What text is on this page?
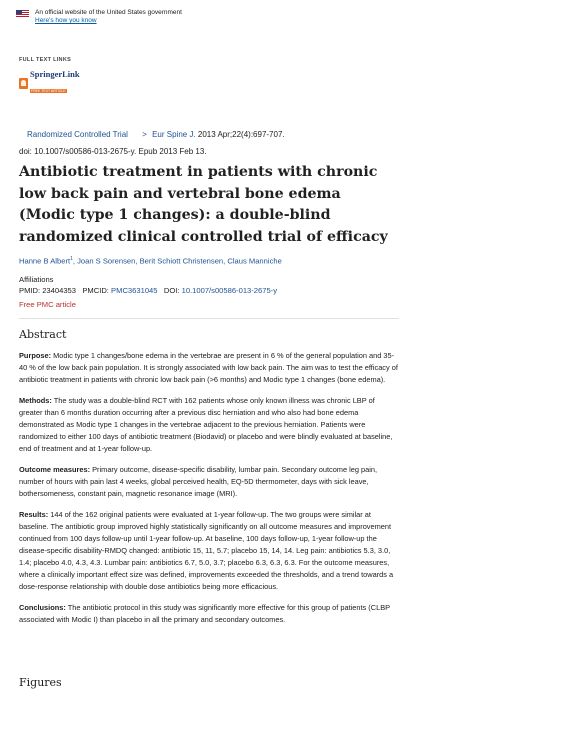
An official website of the United States government
Here's how you know
FULL TEXT LINKS
SpringerLink
FREE TEXT ARTICLE
Randomized Controlled Trial > Eur Spine J. 2013 Apr;22(4):697-707.
doi: 10.1007/s00586-013-2675-y. Epub 2013 Feb 13.
Antibiotic treatment in patients with chronic low back pain and vertebral bone edema (Modic type 1 changes): a double-blind randomized clinical controlled trial of efficacy
Hanne B Albert$^1$, Joan S Sorensen, Berit Schiott Christensen, Claus Manniche
Affiliations
PMID: 23404353 PMCID: PMC3631045 DOI: 10.1007/s00586-013-2675-y
Free PMC article
Abstract

Purpose: Modic type 1 changes/bone edema in the vertebrae are present in 6 % of the general population and 35-40 % of the low back pain population. It is strongly associated with low back pain. The aim was to test the efficacy of antibiotic treatment in patients with chronic low back pain (>6 months) and Modic type 1 changes (bone edema).

Methods: The study was a double-blind RCT with 162 patients whose only known illness was chronic LBP of greater than 6 months duration occurring after a previous disc herniation and who also had bone edema demonstrated as Modic type 1 changes in the vertebrae adjacent to the previous herniation. Patients were randomized to either 100 days of antibiotic treatment (Biodavid) or placebo and were blindly evaluated at baseline, end of treatment and at 1-year follow-up.

Outcome measures: Primary outcome, disease-specific disability, lumbar pain. Secondary outcome leg pain, number of hours with pain last 4 weeks, global perceived health, EQ-5D thermometer, days with sick leave, bothersomeness, constant pain, magnetic resonance image (MRI).

Results: 144 of the 162 original patients were evaluated at 1-year follow-up. The two groups were similar at baseline. The antibiotic group improved highly statistically significantly on all outcome measures and improvement continued from 100 days follow-up until 1-year follow-up. At baseline, 100 days follow-up, 1-year follow-up the disease-specific disability-RMDQ changed: antibiotic 15, 11, 5.7; placebo 15, 14, 14. Leg pain: antibiotics 5.3, 3.0, 1.4; placebo 4.0, 4.3, 4.3. Lumbar pain: antibiotics 6.7, 5.0, 3.7; placebo 6.3, 6.3, 6.3. For the outcome measures, where a clinically important effect size was defined, improvements exceeded the thresholds, and a trend towards a dose-response relationship with double dose antibiotics being more efficacious.

Conclusions: The antibiotic protocol in this study was significantly more effective for this group of patients (CLBP associated with Modic I) than placebo in all the primary and secondary outcomes.

Figures
